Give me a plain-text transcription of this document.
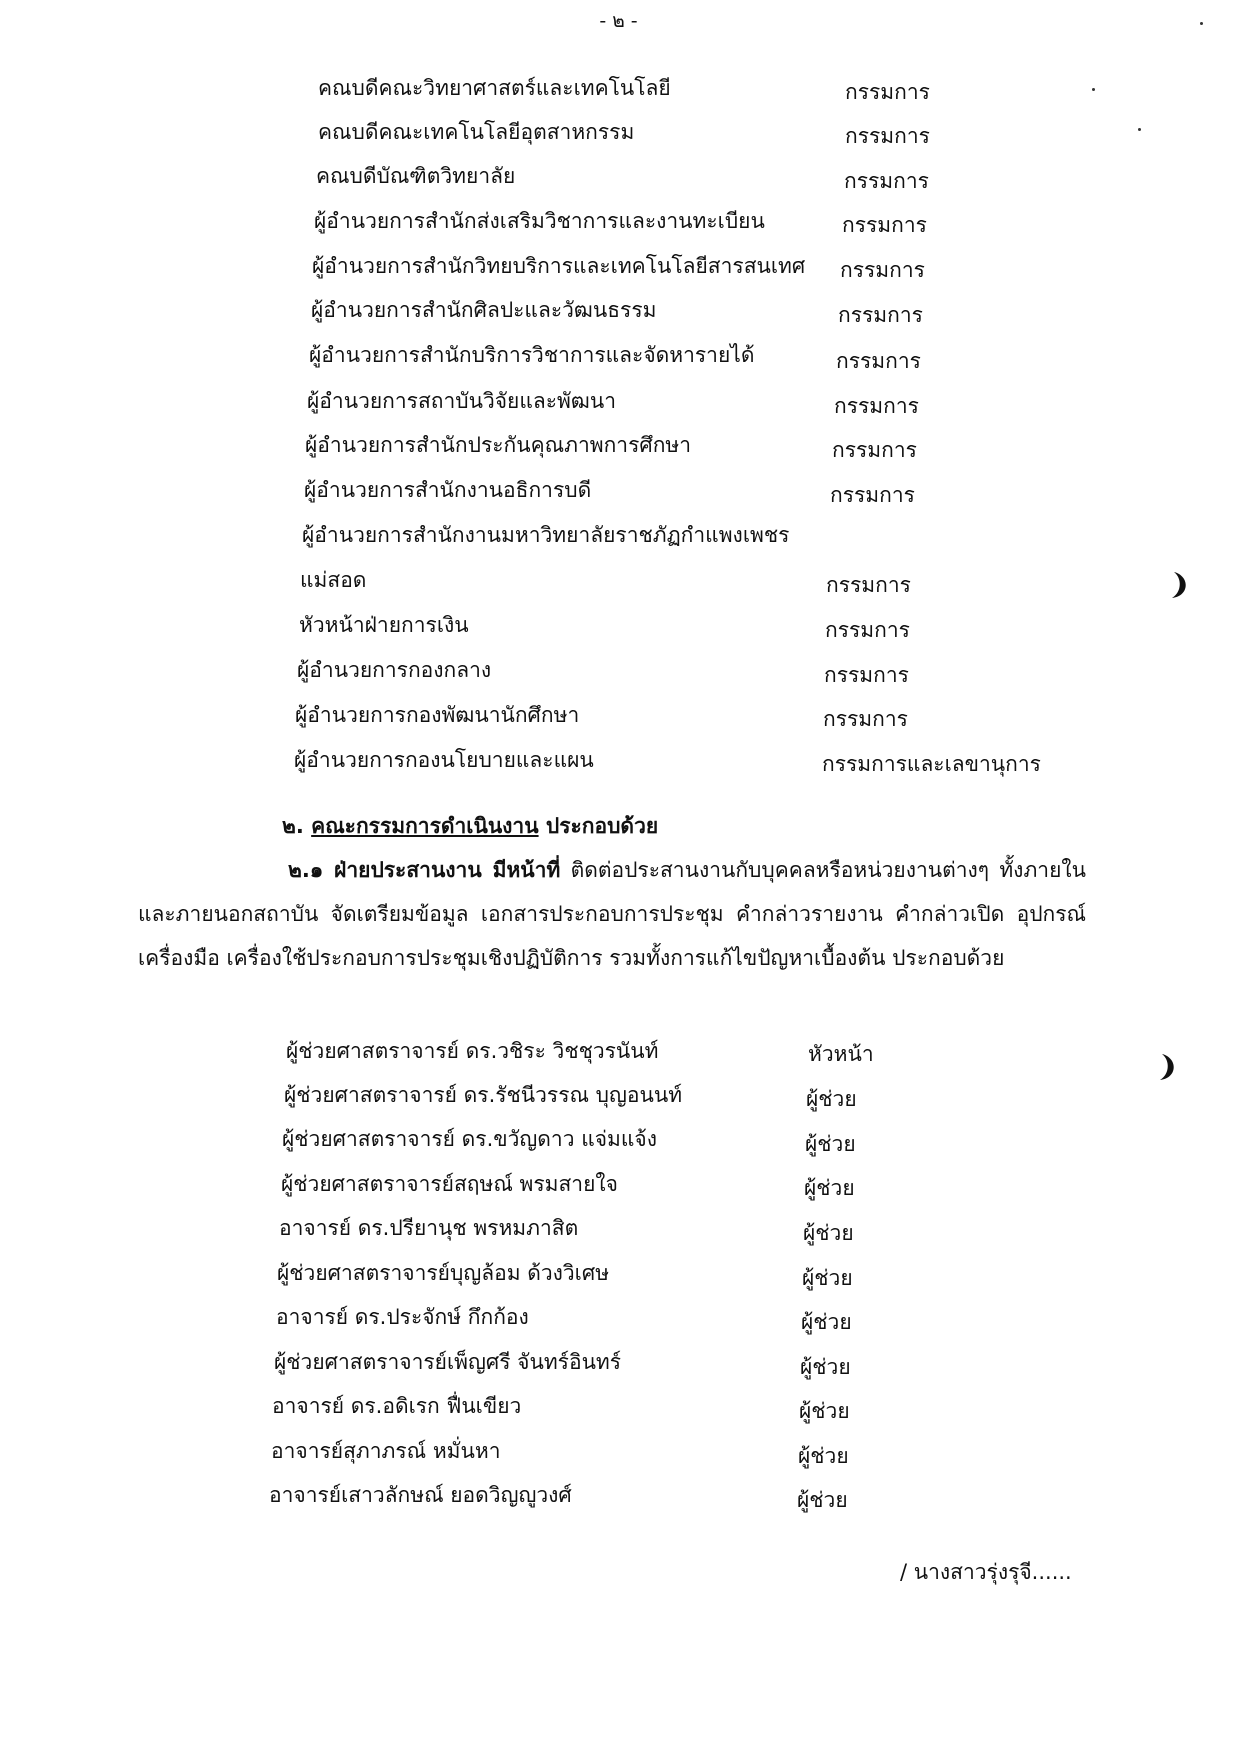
- ๒ -
คณบดีคณะวิทยาศาสตร์และเทคโนโลยี	กรรมการ
คณบดีคณะเทคโนโลยีอุตสาหกรรม	กรรมการ
คณบดีบัณฑิตวิทยาลัย	กรรมการ
ผู้อำนวยการสำนักส่งเสริมวิชาการและงานทะเบียน	กรรมการ
ผู้อำนวยการสำนักวิทยบริการและเทคโนโลยีสารสนเทศ กรรมการ
ผู้อำนวยการสำนักศิลปะและวัฒนธรรม	กรรมการ
ผู้อำนวยการสำนักบริการวิชาการและจัดหารายได้	กรรมการ
ผู้อำนวยการสถาบันวิจัยและพัฒนา	กรรมการ
ผู้อำนวยการสำนักประกันคุณภาพการศึกษา	กรรมการ
ผู้อำนวยการสำนักงานอธิการบดี	กรรมการ
ผู้อำนวยการสำนักงานมหาวิทยาลัยราชภัฏกำแพงเพชร
แม่สอด	กรรมการ
หัวหน้าฝ่ายการเงิน	กรรมการ
ผู้อำนวยการกองกลาง	กรรมการ
ผู้อำนวยการกองพัฒนานักศึกษา	กรรมการ
ผู้อำนวยการกองนโยบายและแผน	กรรมการและเลขานุการ
๒. คณะกรรมการดำเนินงาน ประกอบด้วย
๒.๑ ฝ่ายประสานงาน มีหน้าที่ ติดต่อประสานงานกับบุคคลหรือหน่วยงานต่างๆ ทั้งภายในและภายนอกสถาบัน จัดเตรียมข้อมูล เอกสารประกอบการประชุม คำกล่าวรายงาน คำกล่าวเปิด อุปกรณ์ เครื่องมือ เครื่องใช้ประกอบการประชุมเชิงปฏิบัติการ รวมทั้งการแก้ไขปัญหาเบื้องต้น ประกอบด้วย
ผู้ช่วยศาสตราจารย์ ดร.วชิระ วิชชุวรนันท์	หัวหน้า
ผู้ช่วยศาสตราจารย์ ดร.รัชนีวรรณ บุญอนนท์	ผู้ช่วย
ผู้ช่วยศาสตราจารย์ ดร.ขวัญดาว แจ่มแจ้ง	ผู้ช่วย
ผู้ช่วยศาสตราจารย์สฤษณ์ พรมสายใจ	ผู้ช่วย
อาจารย์ ดร.ปรียานุช พรหมภาสิต	ผู้ช่วย
ผู้ช่วยศาสตราจารย์บุญล้อม ด้วงวิเศษ	ผู้ช่วย
อาจารย์ ดร.ประจักษ์ กึกก้อง	ผู้ช่วย
ผู้ช่วยศาสตราจารย์เพ็ญศรี จันทร์อินทร์	ผู้ช่วย
อาจารย์ ดร.อดิเรก ฟื่นเขียว	ผู้ช่วย
อาจารย์สุภาภรณ์ หมั่นหา	ผู้ช่วย
อาจารย์เสาวลักษณ์ ยอดวิญญูวงศ์	ผู้ช่วย
/ นางสาวรุ่งรุจี......
